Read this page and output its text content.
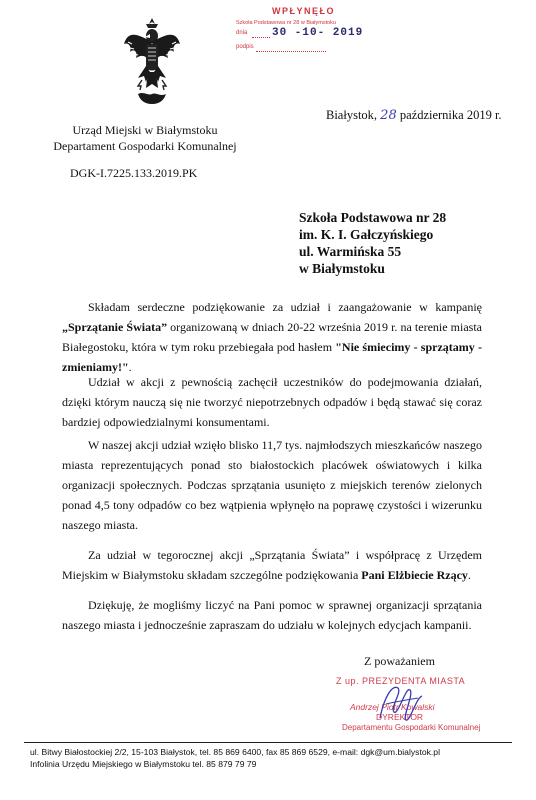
WPŁYNĘŁO
Szkoła Podstawowa nr 28 w Białymstoku
dnia 30 -10- 2019
podpis
Białystok, 28 października 2019 r.
Urząd Miejski w Białymstoku
Departament Gospodarki Komunalnej
DGK-I.7225.133.2019.PK
Szkoła Podstawowa nr 28
im. K. I. Gałczyńskiego
ul. Warmińska 55
w Białymstoku
Składam serdeczne podziękowanie za udział i zaangażowanie w kampanię „Sprzątanie Świata” organizowaną w dniach 20-22 września 2019 r. na terenie miasta Białegostoku, która w tym roku przebiegała pod hasłem "Nie śmiecimy - sprzątamy - zmieniamy!".
Udział w akcji z pewnością zachęcił uczestników do podejmowania działań, dzięki którym nauczą się nie tworzyć niepotrzebnych odpadów i będą stawać się coraz bardziej odpowiedzialnymi konsumentami.
W naszej akcji udział wzięło blisko 11,7 tys. najmłodszych mieszkańców naszego miasta reprezentujących ponad sto białostockich placówek oświatowych i kilka organizacji społecznych. Podczas sprzątania usunięto z miejskich terenów zielonych ponad 4,5 tony odpadów co bez wątpienia wpłynęło na poprawę czystości i wizerunku naszego miasta.
Za udział w tegorocznej akcji „Sprzątania Świata” i współpracę z Urzędem Miejskim w Białymstoku składam szczególne podziękowania Pani Elżbiecie Rzący.
Dziękuję, że mogliśmy liczyć na Pani pomoc w sprawnej organizacji sprzątania naszego miasta i jednocześnie zapraszam do udziału w kolejnych edycjach kampanii.
Z poważaniem
Z up. PREZYDENTA MIASTA
Andrzej Piotr Kowalski
DYREKTOR
Departamentu Gospodarki Komunalnej
ul. Bitwy Białostockiej 2/2, 15-103 Białystok, tel. 85 869 6400, fax 85 869 6529, e-mail: dgk@um.bialystok.pl
Infolinia Urzędu Miejskiego w Białymstoku tel. 85 879 79 79
